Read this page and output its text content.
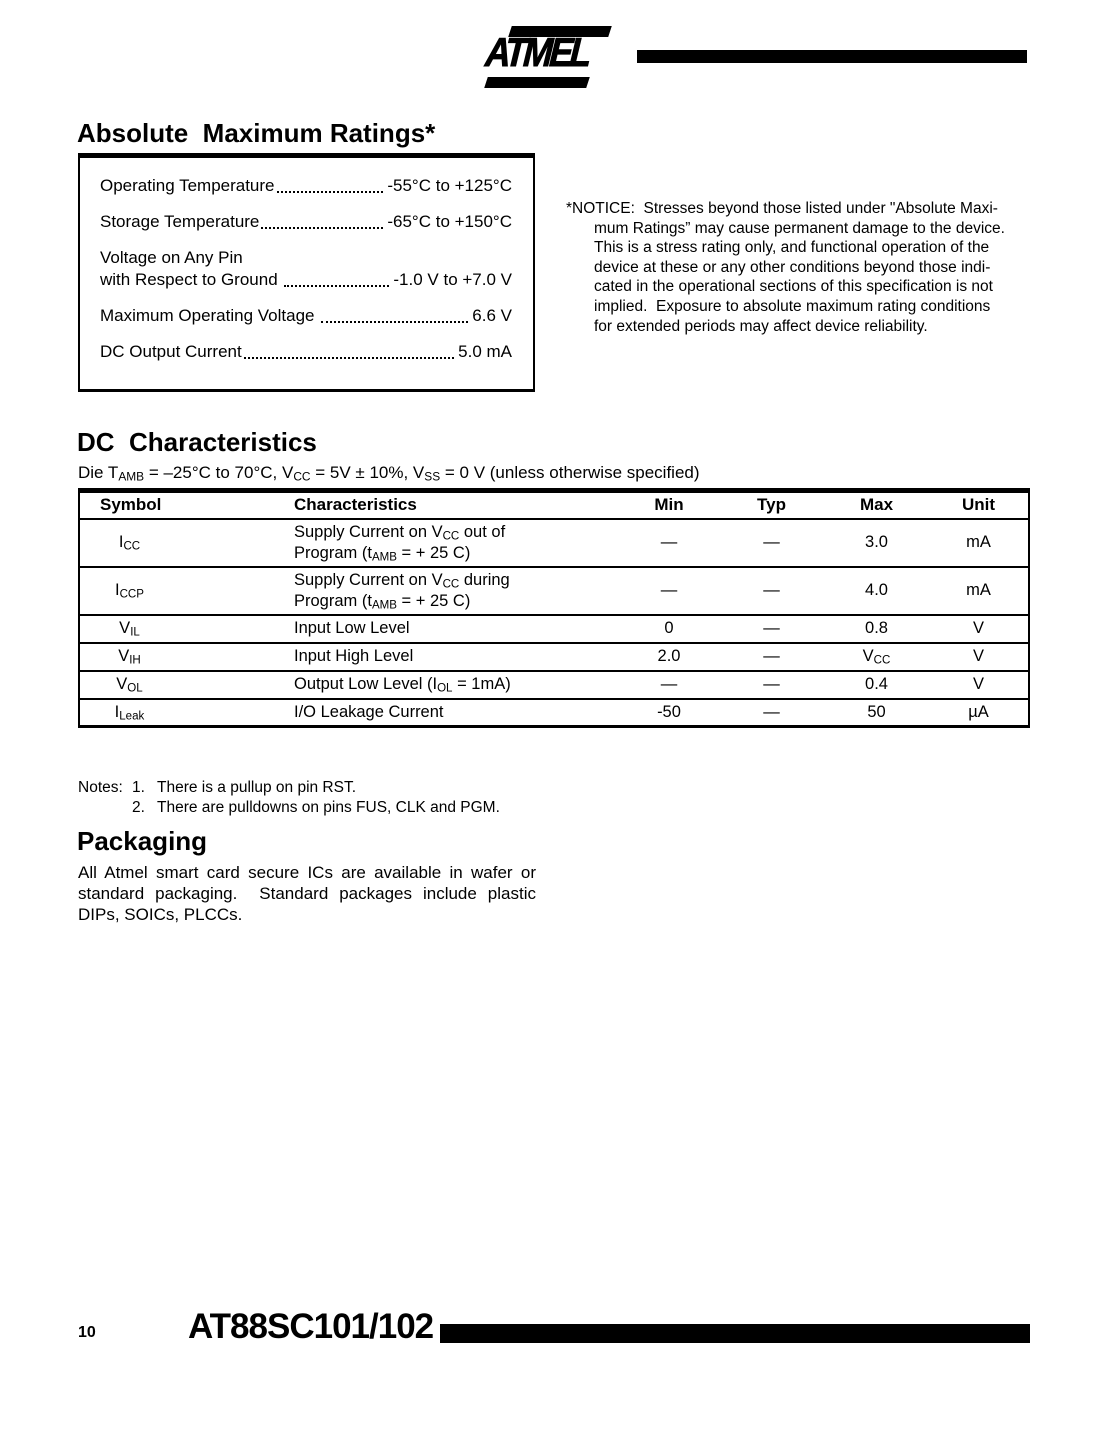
ATMEL
Absolute  Maximum Ratings*
Operating Temperature	-55°C to +125°C
Storage Temperature	-65°C to +150°C
Voltage on Any Pin
with Respect to Ground	-1.0 V to +7.0 V
Maximum Operating Voltage	6.6 V
DC Output Current	5.0 mA
*NOTICE:  Stresses beyond those listed under "Absolute Maxi-
mum Ratings” may cause permanent damage to the device.
This is a stress rating only, and functional operation of the
device at these or any other conditions beyond those indi-
cated in the operational sections of this specification is not
implied.  Exposure to absolute maximum rating conditions
for extended periods may affect device reliability.
DC  Characteristics
Die $T_{AMB} = -25^\circ C$ to 70°C, $V_{CC} = 5V \pm 10\%$, $V_{SS} = 0$ V (unless otherwise specified)
Symbol	Characteristics	Min	Typ	Max	Unit
$I_{CC}$	Supply Current on $V_{CC}$ out of
Program ($t_{AMB}$ = + 25 C)	—	—	3.0	mA
$I_{CCP}$	Supply Current on $V_{CC}$ during
Program ($t_{AMB}$ = + 25 C)	—	—	4.0	mA
$V_{IL}$	Input Low Level	0	—	0.8	V
$V_{IH}$	Input High Level	2.0	—	$V_{CC}$	V
$V_{OL}$	Output Low Level $(I_{OL} = 1mA)$	—	—	0.4	V
$I_{Leak}$	I/O Leakage Current	-50	—	50	µA
Notes: 1. There is a pullup on pin RST.
2. There are pulldowns on pins FUS, CLK and PGM.
Packaging

All Atmel smart card secure ICs are available in wafer or standard packaging.  Standard packages include plastic DIPs, SOICs, PLCCs.

10	AT88SC101/102
